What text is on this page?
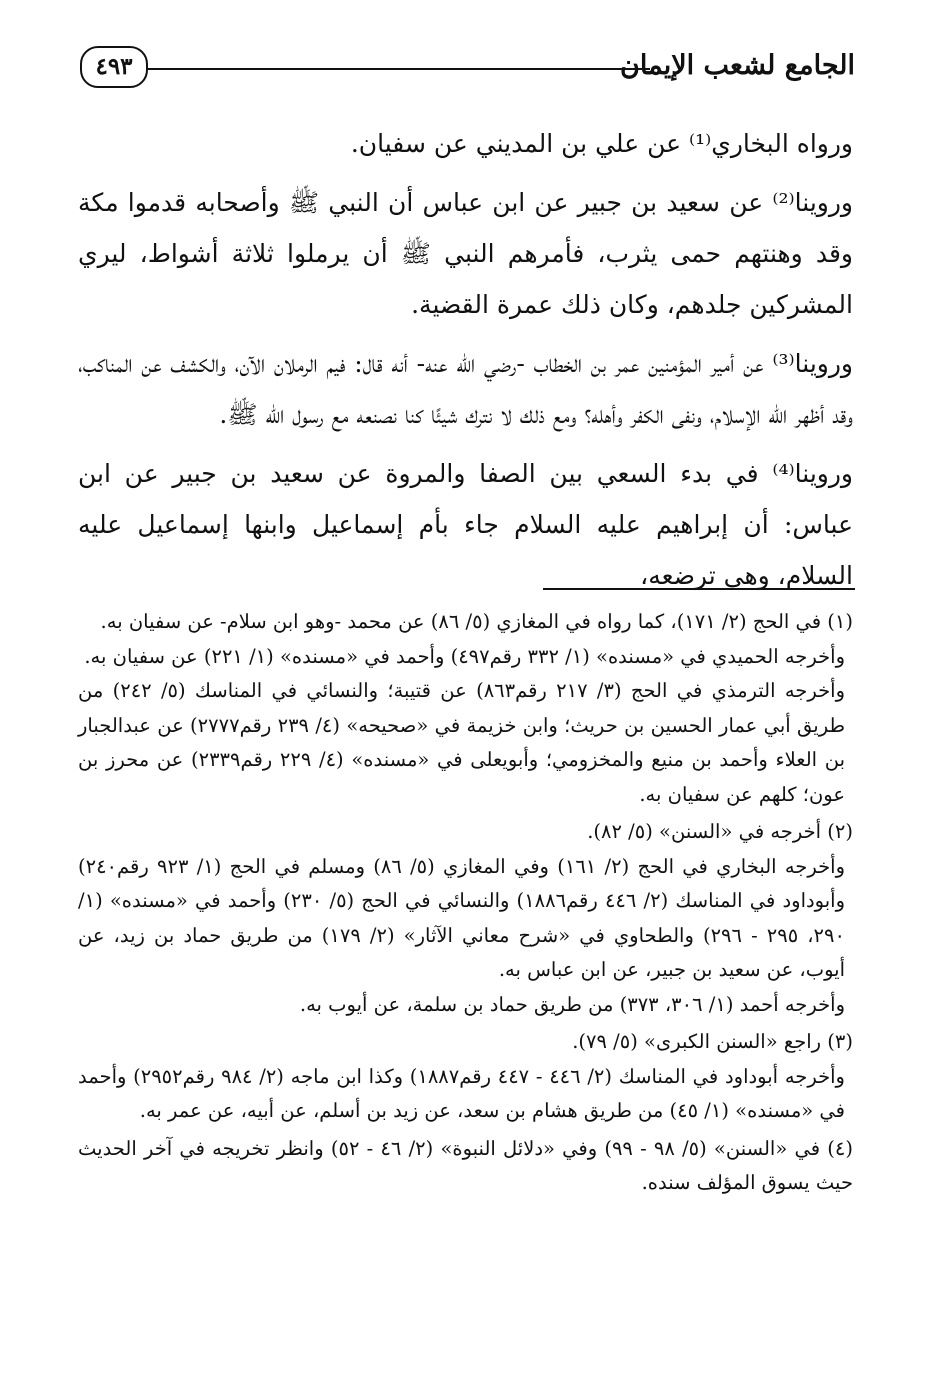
الجامع لشعب الإيمان
٤٩٣

ورواه البخاري⁽¹⁾ عن علي بن المديني عن سفيان.

وروينا⁽²⁾ عن سعيد بن جبير عن ابن عباس أن النبي ﷺ وأصحابه قدموا مكة وقد وهنتهم حمى يثرب، فأمرهم النبي ﷺ أن يرملوا ثلاثة أشواط، ليري المشركين جلدهم، وكان ذلك عمرة القضية.

وروينا⁽³⁾ عن أمير المؤمنين عمر بن الخطاب -رضي الله عنه- أنه قال: فيم الرملان الآن، والكشف عن المناكب، وقد أظهر الله الإسلام، ونفى الكفر وأهله؟ ومع ذلك لا نترك شيئًا كنا نصنعه مع رسول الله ﷺ.

وروينا⁽⁴⁾ في بدء السعي بين الصفا والمروة عن سعيد بن جبير عن ابن عباس: أن إبراهيم عليه السلام جاء بأم إسماعيل وابنها إسماعيل عليه السلام، وهي ترضعه،

(١) في الحج (٢/ ١٧١)، كما رواه في المغازي (٥/ ٨٦) عن محمد -وهو ابن سلام- عن سفيان به.

وأخرجه الحميدي في «مسنده» (١/ ٣٣٢ رقم٤٩٧) وأحمد في «مسنده» (١/ ٢٢١) عن سفيان به.

وأخرجه الترمذي في الحج (٣/ ٢١٧ رقم٨٦٣) عن قتيبة؛ والنسائي في المناسك (٥/ ٢٤٢) من طريق أبي عمار الحسين بن حريث؛ وابن خزيمة في «صحيحه» (٤/ ٢٣٩ رقم٢٧٧٧) عن عبدالجبار بن العلاء وأحمد بن منيع والمخزومي؛ وأبويعلى في «مسنده» (٤/ ٢٢٩ رقم٢٣٣٩) عن محرز بن عون؛ كلهم عن سفيان به.

(٢) أخرجه في «السنن» (٥/ ٨٢).

وأخرجه البخاري في الحج (٢/ ١٦١) وفي المغازي (٥/ ٨٦) ومسلم في الحج (١/ ٩٢٣ رقم٢٤٠) وأبوداود في المناسك (٢/ ٤٤٦ رقم١٨٨٦) والنسائي في الحج (٥/ ٢٣٠) وأحمد في «مسنده» (١/ ٢٩٠، ٢٩٥ - ٢٩٦) والطحاوي في «شرح معاني الآثار» (٢/ ١٧٩) من طريق حماد بن زيد، عن أيوب، عن سعيد بن جبير، عن ابن عباس به.

وأخرجه أحمد (١/ ٣٠٦، ٣٧٣) من طريق حماد بن سلمة، عن أيوب به.

(٣) راجع «السنن الكبرى» (٥/ ٧٩).

وأخرجه أبوداود في المناسك (٢/ ٤٤٦ - ٤٤٧ رقم١٨٨٧) وكذا ابن ماجه (٢/ ٩٨٤ رقم٢٩٥٢) وأحمد في «مسنده» (١/ ٤٥) من طريق هشام بن سعد، عن زيد بن أسلم، عن أبيه، عن عمر به.

(٤) في «السنن» (٥/ ٩٨ - ٩٩) وفي «دلائل النبوة» (٢/ ٤٦ - ٥٢) وانظر تخريجه في آخر الحديث حيث يسوق المؤلف سنده.
